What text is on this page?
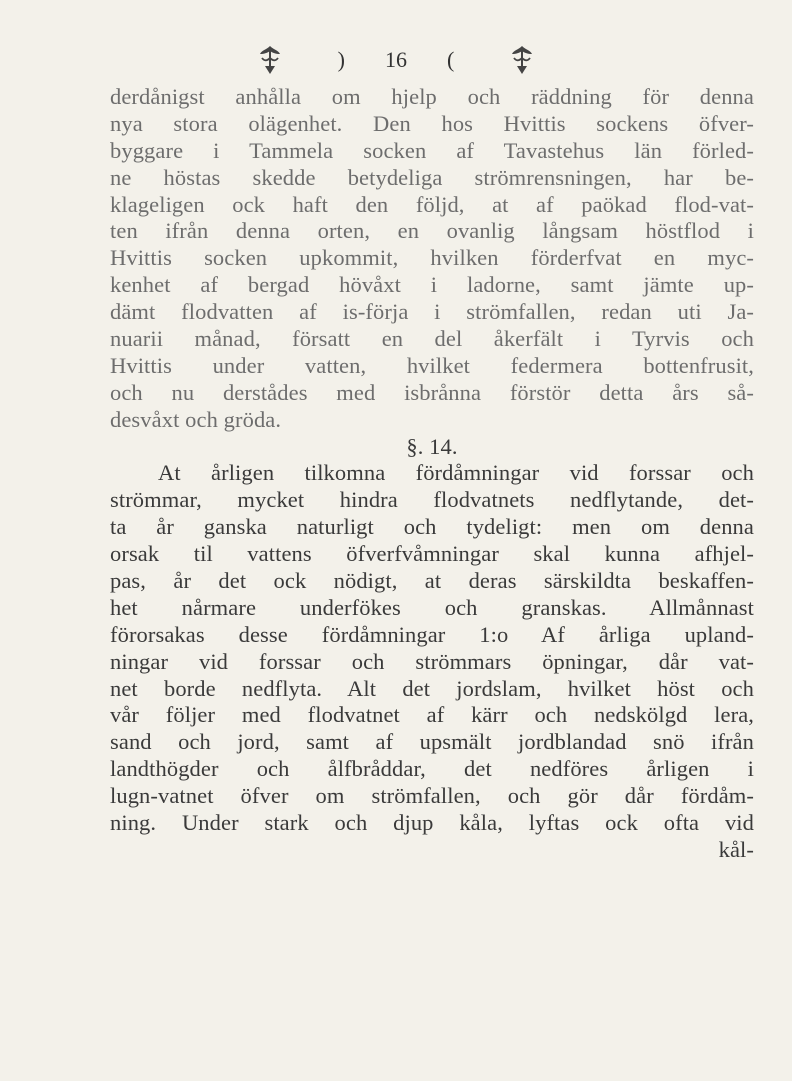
) 16 (
derdånigst anhålla om hjelp och räddning för denna
nya stora olägenhet. Den hos Hvittis sockens öfver-
byggare i Tammela socken af Tavastehus län förled-
ne höstas skedde betydeliga strömrensningen, har be-
klageligen ock haft den följd, at af paökad flod-vat-
ten ifrån denna orten, en ovanlig långsam höstflod i
Hvittis socken upkommit, hvilken förderfvat en myc-
kenhet af bergad hövåxt i ladorne, samt jämte up-
dämt flodvatten af is-förja i strömfallen, redan uti Ja-
nuarii månad, försatt en del åkerfält i Tyrvis och
Hvittis under vatten, hvilket federmera bottenfrusit,
och nu derstådes med isbrånna förstör detta års så-
desvåxt och gröda.
§. 14.
At årligen tilkomna fördåmningar vid forssar och
strömmar, mycket hindra flodvatnets nedflytande, det-
ta år ganska naturligt och tydeligt: men om denna
orsak til vattens öfverfvåmningar skal kunna afhjel-
pas, år det ock nödigt, at deras särskildta beskaffen-
het nårmare underfökes och granskas. Allmånnast
förorsakas desse fördåmningar 1:o Af årliga upland-
ningar vid forssar och strömmars öpningar, dår vat-
net borde nedflyta. Alt det jordslam, hvilket höst och
vår följer med flodvatnet af kärr och nedskölgd lera,
sand och jord, samt af upsmält jordblandad snö ifrån
landthögder och ålfbråddar, det nedföres årligen i
lugn-vatnet öfver om strömfallen, och gör dår fördåm-
ning. Under stark och djup kåla, lyftas ock ofta vid
kål-
